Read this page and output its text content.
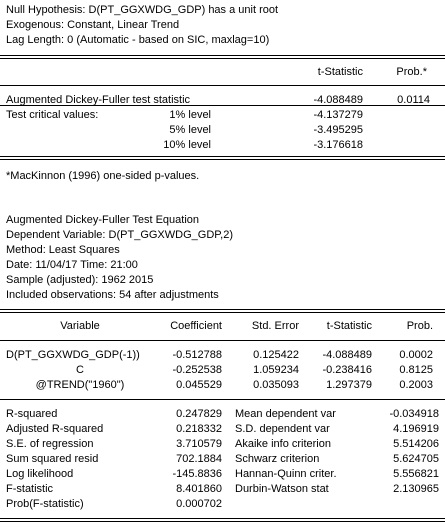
Null Hypothesis: D(PT_GGXWDG_GDP) has a unit root
Exogenous: Constant, Linear Trend
Lag Length: 0 (Automatic - based on SIC, maxlag=10)
t-Statistic	Prob.*
Augmented Dickey-Fuller test statistic	-4.088489	0.0114
Test critical values:	1% level	-4.137279
5% level	-3.495295
10% level	-3.176618
*MacKinnon (1996) one-sided p-values.
Augmented Dickey-Fuller Test Equation
Dependent Variable: D(PT_GGXWDG_GDP,2)
Method: Least Squares
Date: 11/04/17 Time: 21:00
Sample (adjusted): 1962 2015
Included observations: 54 after adjustments
Variable	Coefficient	Std. Error	t-Statistic	Prob.
D(PT_GGXWDG_GDP(-1))	-0.512788	0.125422 -4.088489 0.0002
C	-0.252538	1.059234 -0.238416 0.8125
@TREND("1960")	0.045529	0.035093 1.297379 0.2003
R-squared	0.247829 Mean dependent var	-0.034918
Adjusted R-squared	0.218332 S.D. dependent var	4.196919
S.E. of regression	3.710579 Akaike info criterion	5.514206
Sum squared resid	702.1884 Schwarz criterion	5.624705
Log likelihood	-145.8836 Hannan-Quinn criter.	5.556821
F-statistic	8.401860 Durbin-Watson stat	2.130965
Prob(F-statistic)	0.000702
